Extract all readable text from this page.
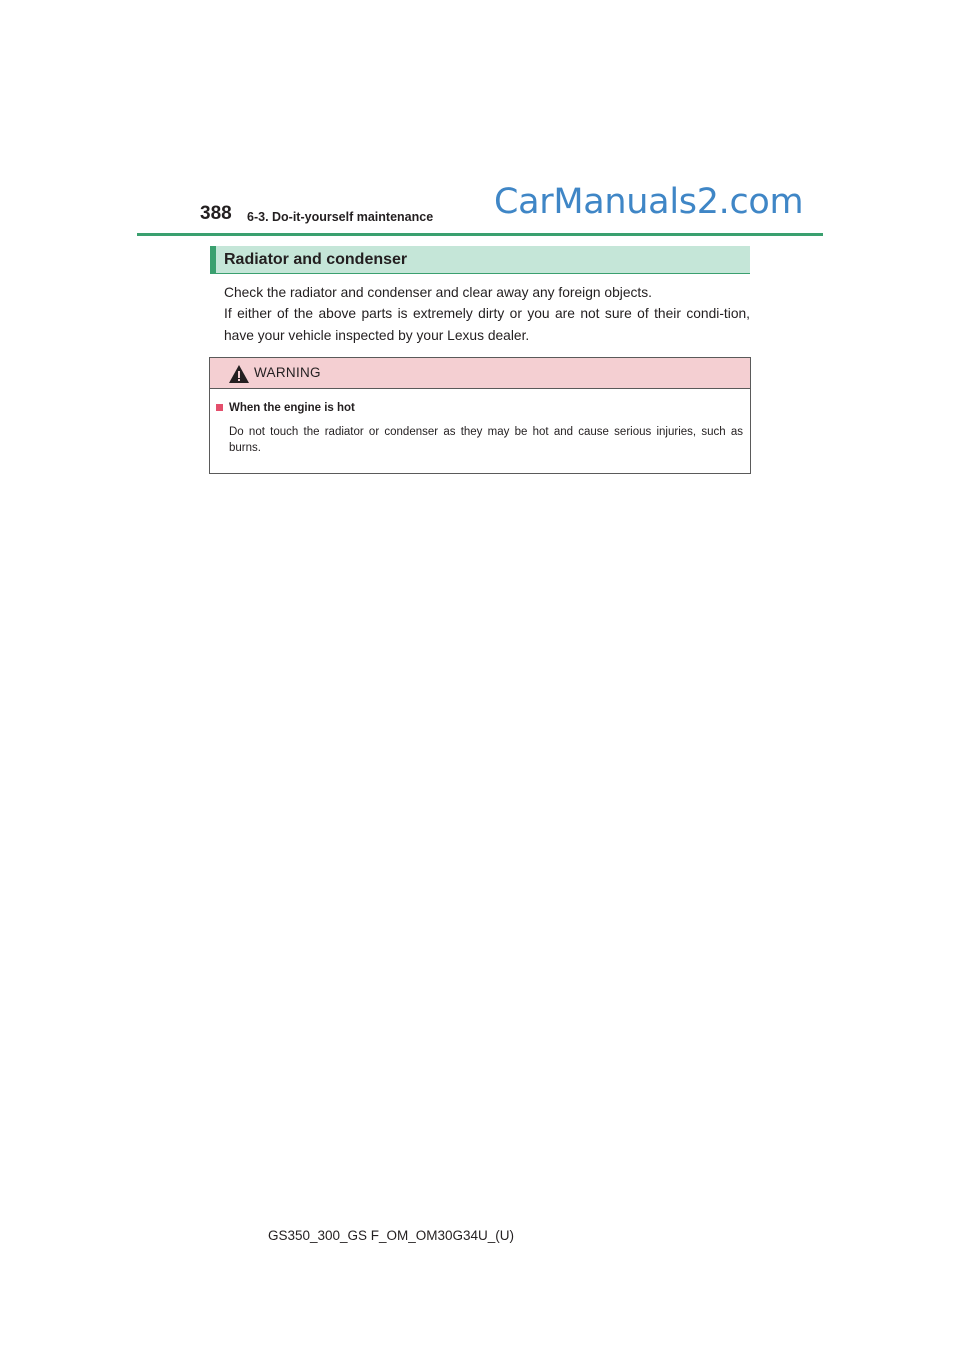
388 6-3. Do-it-yourself maintenance CarManuals2.com
Radiator and condenser
Check the radiator and condenser and clear away any foreign objects.
If either of the above parts is extremely dirty or you are not sure of their condi-tion, have your vehicle inspected by your Lexus dealer.
WARNING
When the engine is hot
Do not touch the radiator or condenser as they may be hot and cause serious injuries, such as burns.
GS350_300_GS F_OM_OM30G34U_(U)
